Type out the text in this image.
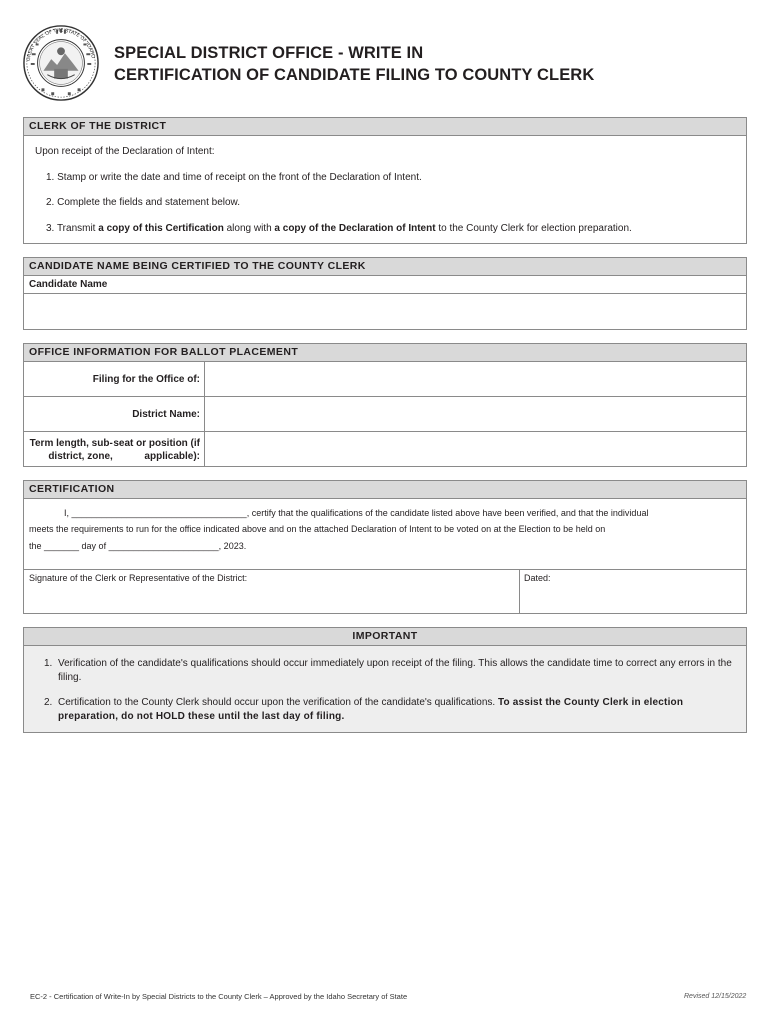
GREAT SEAL OF THE STATE OF IDAHO SPECIAL DISTRICT OFFICE - WRITE IN
CERTIFICATION OF CANDIDATE FILING TO COUNTY CLERK
CLERK OF THE DISTRICT
Upon receipt of the Declaration of Intent:
1. Stamp or write the date and time of receipt on the front of the Declaration of Intent.
2. Complete the fields and statement below.
3. Transmit a copy of this Certification along with a copy of the Declaration of Intent to the County Clerk for election preparation.
CANDIDATE NAME BEING CERTIFIED TO THE COUNTY CLERK
Candidate Name
OFFICE INFORMATION FOR BALLOT PLACEMENT
Filing for the Office of:
District Name:
Term length, sub-district, zone,

seat or position (if applicable):
CERTIFICATION
I, ___________________________________, certify that the qualifications of the candidate listed above have been verified, and that the individual
meets the requirements to run for the office indicated above and on the attached Declaration of Intent to be voted on at the Election to be held on
the _______ day of ______________________, 2023.
Signature of the Clerk or Representative of the District:	Dated:
IMPORTANT
1. Verification of the candidate's qualifications should occur immediately upon receipt of the filing. This allows the candidate time to correct any errors in the filing.
2. Certification to the County Clerk should occur upon the verification of the candidate's qualifications. To assist the County Clerk in election preparation, do not HOLD these until the last day of filing.
EC-2 - Certification of Write-In by Special Districts to the County Clerk – Approved by the Idaho Secretary of State	Revised 12/15/2022
